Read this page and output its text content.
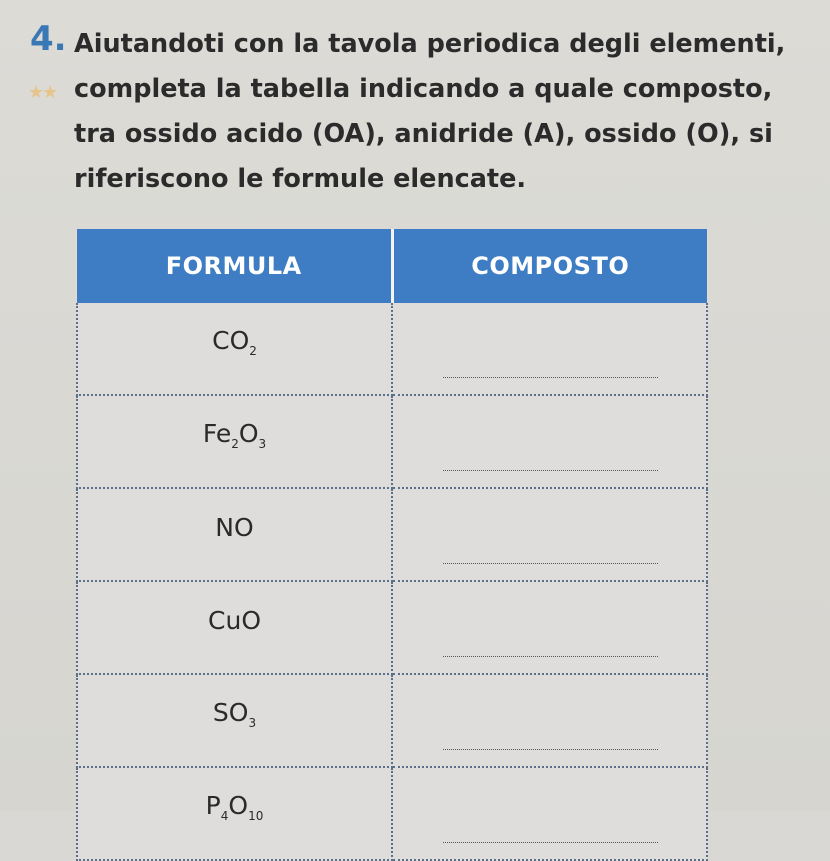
4.
★★

Aiutandoti con la tavola periodica degli elementi, completa la tabella indicando a quale composto, tra ossido acido (OA), anidride (A), ossido (O), si riferiscono le formule elencate.

FORMULA	COMPOSTO
$CO_2$	

$Fe_2O_3$	

NO	

CuO	

$SO_3$	

$P_4O_{10}$	
